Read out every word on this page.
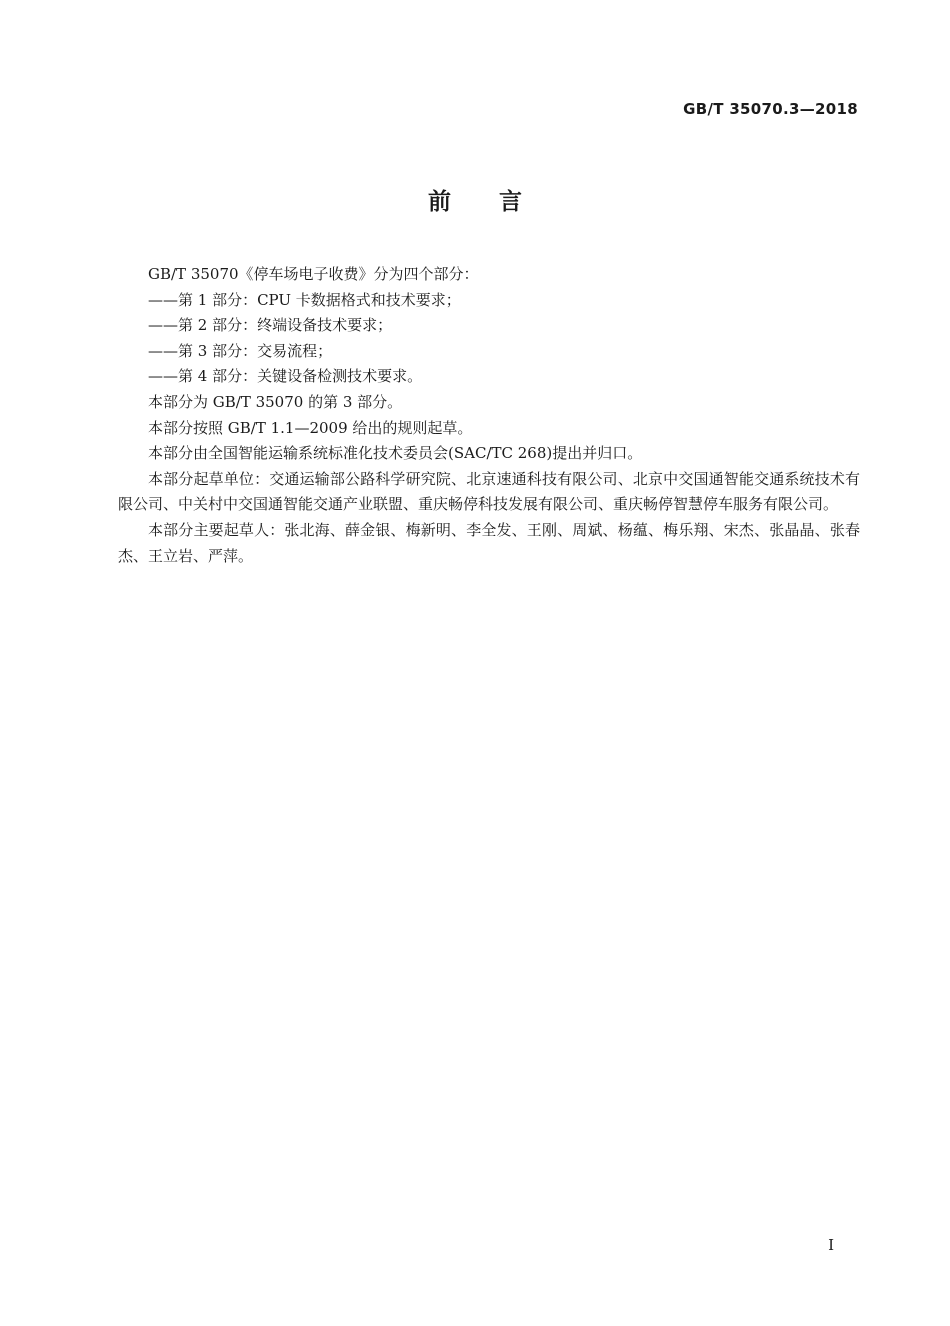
GB/T 35070.3—2018
前言

GB/T 35070《停车场电子收费》分为四个部分：

——第 1 部分：CPU 卡数据格式和技术要求；

——第 2 部分：终端设备技术要求；

——第 3 部分：交易流程；

——第 4 部分：关键设备检测技术要求。

本部分为 GB/T 35070 的第 3 部分。

本部分按照 GB/T 1.1—2009 给出的规则起草。

本部分由全国智能运输系统标准化技术委员会(SAC/TC 268)提出并归口。

本部分起草单位：交通运输部公路科学研究院、北京速通科技有限公司、北京中交国通智能交通系统技术有限公司、中关村中交国通智能交通产业联盟、重庆畅停科技发展有限公司、重庆畅停智慧停车服务有限公司。

本部分主要起草人：张北海、薛金银、梅新明、李全发、王刚、周斌、杨蕴、梅乐翔、宋杰、张晶晶、张春杰、王立岩、严萍。

I
